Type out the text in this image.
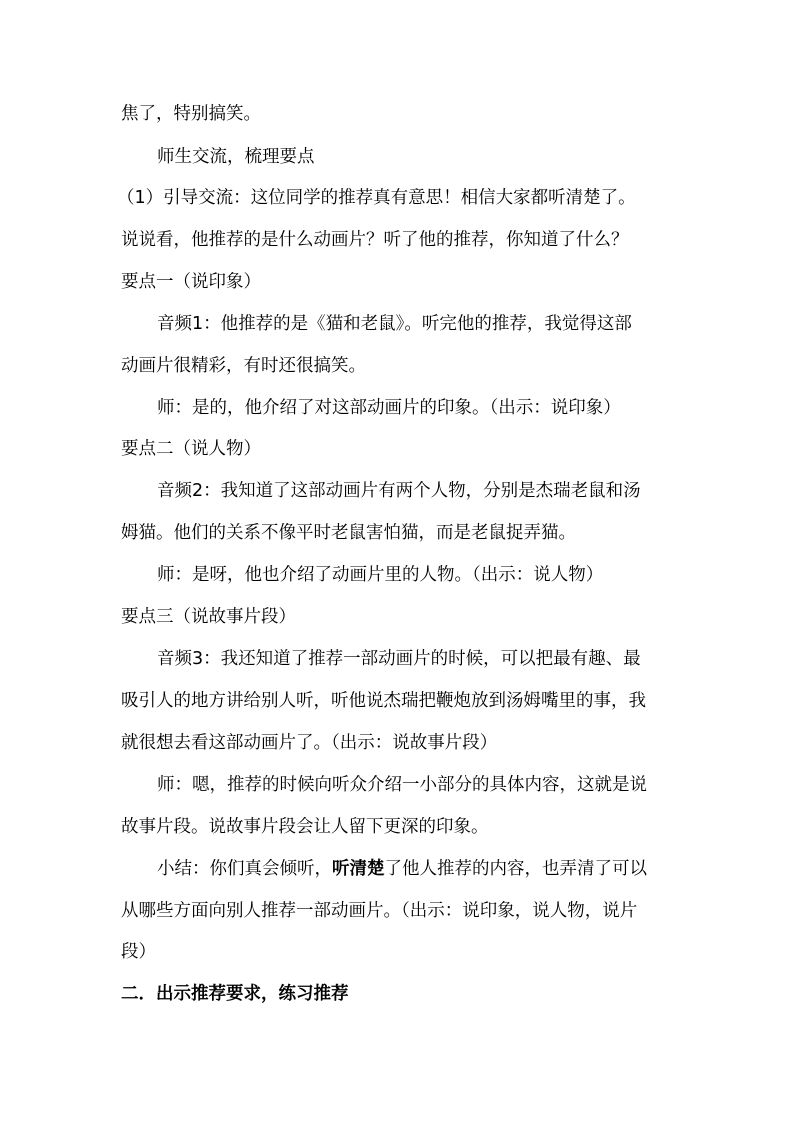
焦了，特别搞笑。
师生交流，梳理要点
（1）引导交流：这位同学的推荐真有意思！相信大家都听清楚了。
说说看，他推荐的是什么动画片？听了他的推荐，你知道了什么？
要点一（说印象）
音频1：他推荐的是《猫和老鼠》。听完他的推荐，我觉得这部
动画片很精彩，有时还很搞笑。
师：是的，他介绍了对这部动画片的印象。（出示：说印象）
要点二（说人物）
音频2：我知道了这部动画片有两个人物，分别是杰瑞老鼠和汤
姆猫。他们的关系不像平时老鼠害怕猫，而是老鼠捉弄猫。
师：是呀，他也介绍了动画片里的人物。（出示：说人物）
要点三（说故事片段）
音频3：我还知道了推荐一部动画片的时候，可以把最有趣、最
吸引人的地方讲给别人听，听他说杰瑞把鞭炮放到汤姆嘴里的事，我
就很想去看这部动画片了。（出示：说故事片段）
师：嗯，推荐的时候向听众介绍一小部分的具体内容，这就是说
故事片段。说故事片段会让人留下更深的印象。
小结：你们真会倾听，听清楚了他人推荐的内容，也弄清了可以
从哪些方面向别人推荐一部动画片。（出示：说印象，说人物，说片
段）
二．出示推荐要求，练习推荐
